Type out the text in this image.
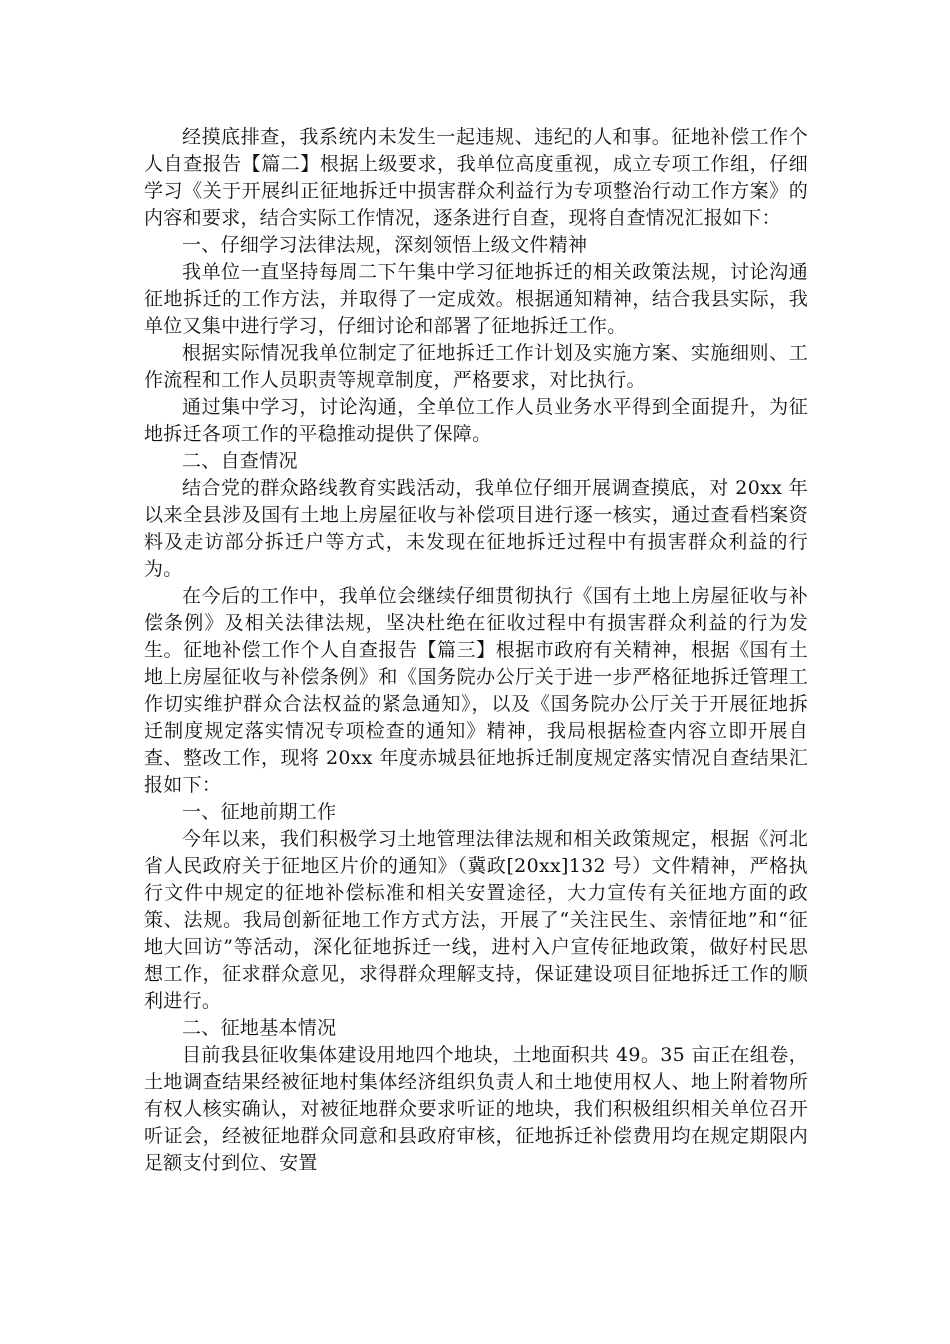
经摸底排查，我系统内未发生一起违规、违纪的人和事。征地补偿工作个人自查报告【篇二】根据上级要求，我单位高度重视，成立专项工作组，仔细学习《关于开展纠正征地拆迁中损害群众利益行为专项整治行动工作方案》的内容和要求，结合实际工作情况，逐条进行自查，现将自查情况汇报如下：

一、仔细学习法律法规，深刻领悟上级文件精神

我单位一直坚持每周二下午集中学习征地拆迁的相关政策法规，讨论沟通征地拆迁的工作方法，并取得了一定成效。根据通知精神，结合我县实际，我单位又集中进行学习，仔细讨论和部署了征地拆迁工作。

根据实际情况我单位制定了征地拆迁工作计划及实施方案、实施细则、工作流程和工作人员职责等规章制度，严格要求，对比执行。

通过集中学习，讨论沟通，全单位工作人员业务水平得到全面提升，为征地拆迁各项工作的平稳推动提供了保障。

二、自查情况

结合党的群众路线教育实践活动，我单位仔细开展调查摸底，对 20xx 年以来全县涉及国有土地上房屋征收与补偿项目进行逐一核实，通过查看档案资料及走访部分拆迁户等方式，未发现在征地拆迁过程中有损害群众利益的行为。

在今后的工作中，我单位会继续仔细贯彻执行《国有土地上房屋征收与补偿条例》及相关法律法规，坚决杜绝在征收过程中有损害群众利益的行为发生。征地补偿工作个人自查报告【篇三】根据市政府有关精神，根据《国有土地上房屋征收与补偿条例》和《国务院办公厅关于进一步严格征地拆迁管理工作切实维护群众合法权益的紧急通知》，以及《国务院办公厅关于开展征地拆迁制度规定落实情况专项检查的通知》精神，我局根据检查内容立即开展自查、整改工作，现将 20xx 年度赤城县征地拆迁制度规定落实情况自查结果汇报如下：

一、征地前期工作

今年以来，我们积极学习土地管理法律法规和相关政策规定，根据《河北省人民政府关于征地区片价的通知》（冀政[20xx]132 号）文件精神，严格执行文件中规定的征地补偿标准和相关安置途径，大力宣传有关征地方面的政策、法规。我局创新征地工作方式方法，开展了“关注民生、亲情征地”和“征地大回访”等活动，深化征地拆迁一线，进村入户宣传征地政策，做好村民思想工作，征求群众意见，求得群众理解支持，保证建设项目征地拆迁工作的顺利进行。

二、征地基本情况

目前我县征收集体建设用地四个地块，土地面积共 49。35 亩正在组卷，土地调查结果经被征地村集体经济组织负责人和土地使用权人、地上附着物所有权人核实确认，对被征地群众要求听证的地块，我们积极组织相关单位召开听证会，经被征地群众同意和县政府审核，征地拆迁补偿费用均在规定期限内足额支付到位、安置
